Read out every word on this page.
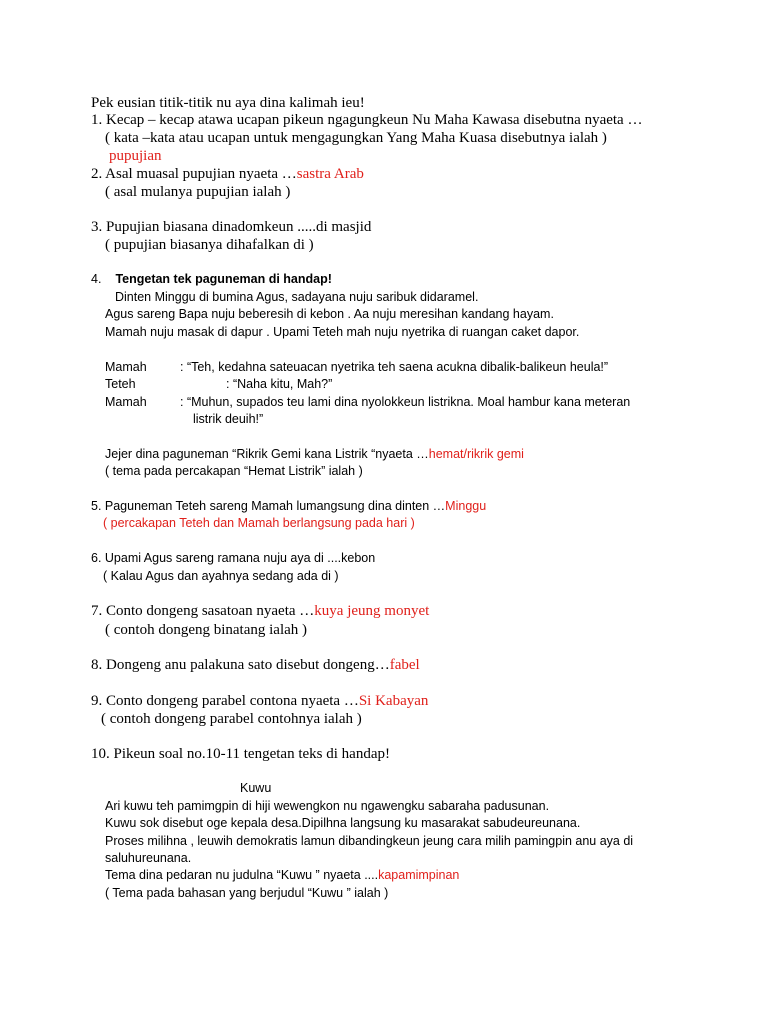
Pek eusian titik-titik nu aya dina kalimah ieu!
1. Kecap – kecap atawa ucapan pikeun ngagungkeun Nu Maha Kawasa disebutna nyaeta …
( kata –kata atau ucapan untuk mengagungkan Yang Maha Kuasa disebutnya ialah )
pupujian
2. Asal muasal pupujian nyaeta …sastra Arab
( asal mulanya pupujian ialah )
3. Pupujian biasana dinadomkeun .....di masjid
( pupujian biasanya dihafalkan di )
4. Tengetan tek paguneman di handap!
Dinten Minggu di bumina Agus, sadayana nuju saribuk didaramel.
Agus sareng Bapa nuju beberesih di kebon . Aa nuju meresihan kandang hayam.
Mamah nuju masak di dapur . Upami Teteh mah nuju nyetrika di ruangan caket dapor.
Mamah	: “Teh, kedahna sateuacan nyetrika teh saena acukna dibalik-balikeun heula!”
Teteh	: “Naha kitu, Mah?”
Mamah	: “Muhun, supados teu lami dina nyolokkeun listrikna. Moal hambur kana meteran
listrik deuih!”
Jejer dina paguneman “Rikrik Gemi kana Listrik “nyaeta …hemat/rikrik gemi
( tema pada percakapan “Hemat Listrik” ialah )
5. Paguneman Teteh sareng Mamah lumangsung dina dinten …Minggu
( percakapan Teteh dan Mamah berlangsung pada hari )
6. Upami Agus sareng ramana nuju aya di ....kebon
( Kalau Agus dan ayahnya sedang ada di )
7. Conto dongeng sasatoan nyaeta …kuya jeung monyet
( contoh dongeng binatang ialah )
8. Dongeng anu palakuna sato disebut dongeng…fabel
9. Conto dongeng parabel contona nyaeta …Si Kabayan
( contoh dongeng parabel contohnya ialah )
10. Pikeun soal no.10-11 tengetan teks di handap!
Kuwu
Ari kuwu teh pamimgpin di hiji wewengkon nu ngawengku sabaraha padusunan.
Kuwu sok disebut oge kepala desa.Dipilhna langsung ku masarakat sabudeureunana.
Proses milihna , leuwih demokratis lamun dibandingkeun jeung cara milih pamingpin anu aya di
saluhureunana.
Tema dina pedaran nu judulna “Kuwu ” nyaeta ....kapamimpinan
( Tema pada bahasan yang berjudul “Kuwu ” ialah )
